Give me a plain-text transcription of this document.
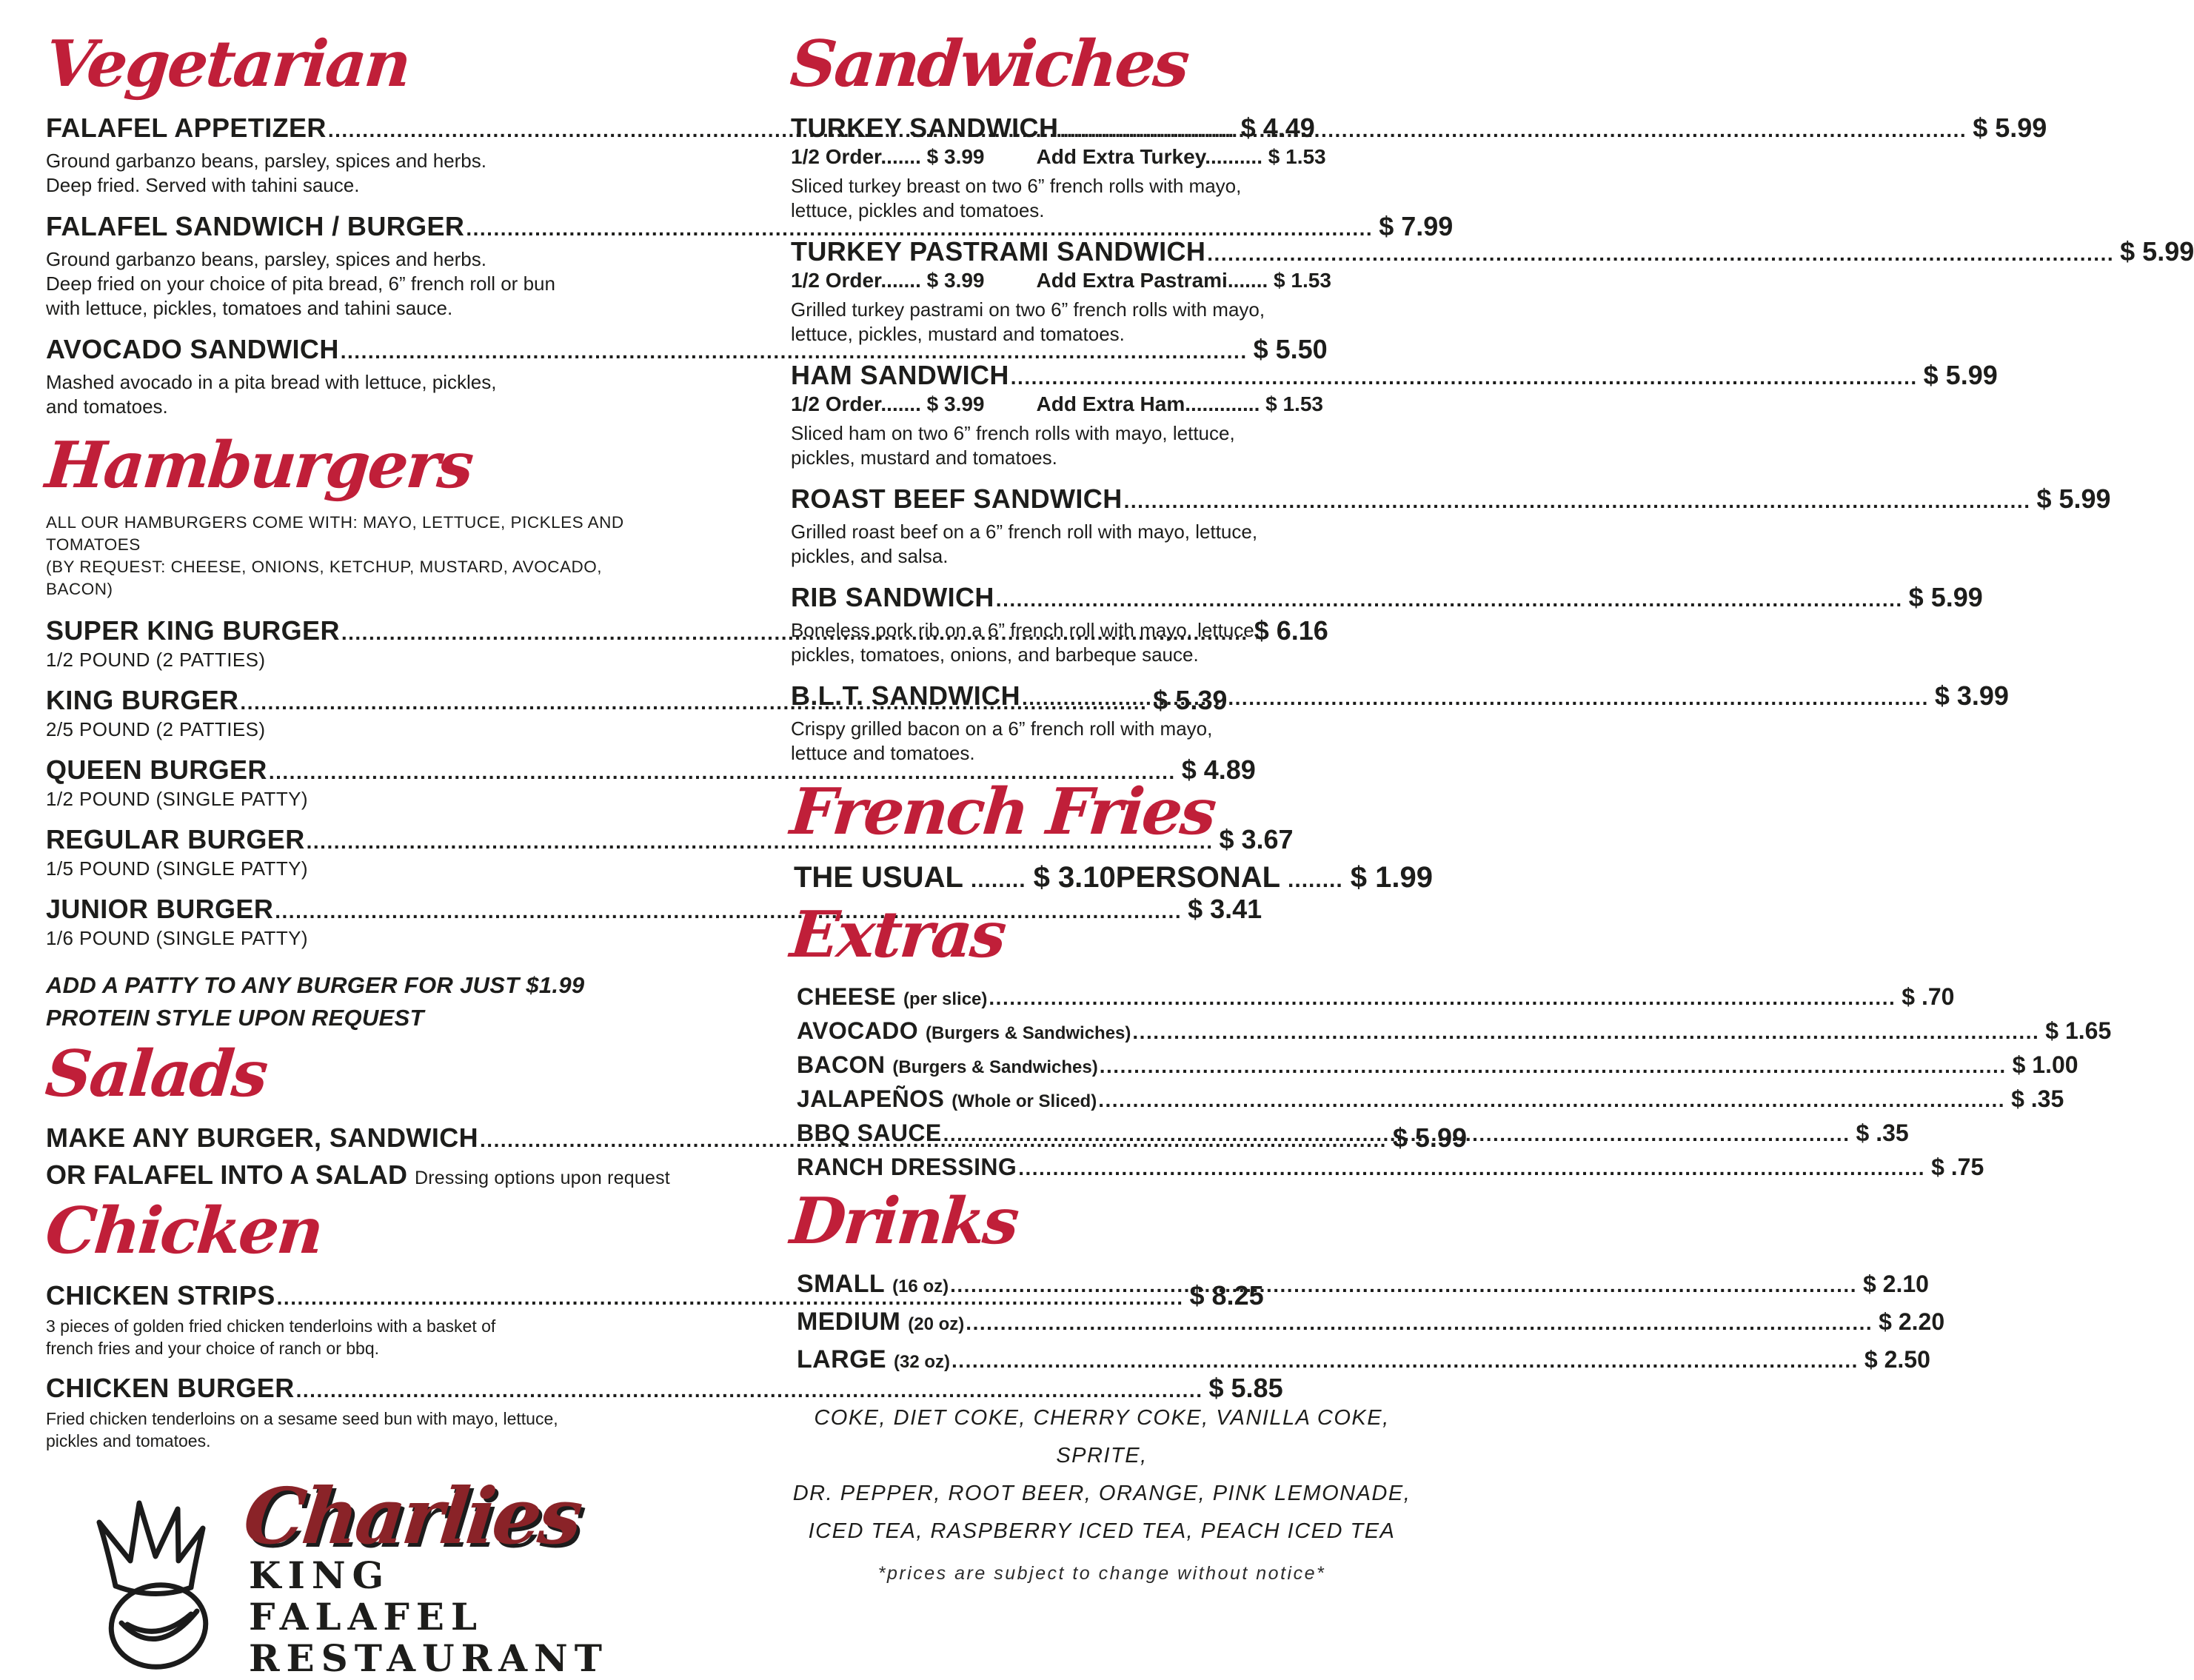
Vegetarian
FALAFEL APPETIZER .....	$ 4.49
Ground garbanzo beans, parsley, spices and herbs.
Deep fried. Served with tahini sauce.
FALAFEL SANDWICH / BURGER .....	$ 7.99
Ground garbanzo beans, parsley, spices and herbs.
Deep fried on your choice of pita bread, 6” french roll or bun
with lettuce, pickles, tomatoes and tahini sauce.
AVOCADO SANDWICH .....	$ 5.50
Mashed avocado in a pita bread with lettuce, pickles,
and tomatoes.
Hamburgers
ALL OUR HAMBURGERS COME WITH: MAYO, LETTUCE, PICKLES AND TOMATOES
(BY REQUEST: CHEESE, ONIONS, KETCHUP, MUSTARD, AVOCADO, BACON)
SUPER KING BURGER .....	$ 6.16
1/2 POUND (2 PATTIES)
KING BURGER .....	$ 5.39
2/5 POUND (2 PATTIES)
QUEEN BURGER .....	$ 4.89
1/2 POUND (SINGLE PATTY)
REGULAR BURGER .....	$ 3.67
1/5 POUND (SINGLE PATTY)
JUNIOR BURGER .....	$ 3.41
1/6 POUND (SINGLE PATTY)
ADD A PATTY TO ANY BURGER FOR JUST $1.99
PROTEIN STYLE UPON REQUEST
Salads
MAKE ANY BURGER, SANDWICH .....	$ 5.99
OR FALAFEL INTO A SALAD Dressing options upon request
Chicken
CHICKEN STRIPS .....	$ 8.25
3 pieces of golden fried chicken tenderloins with a basket of
french fries and your choice of ranch or bbq.
CHICKEN BURGER .....	$ 5.85
Fried chicken tenderloins on a sesame seed bun with mayo, lettuce,
pickles and tomatoes.
Charlies
KING FALAFEL
RESTAURANT
Sandwiches
TURKEY SANDWICH .....	$ 5.99
1/2 Order....... $ 3.99	Add Extra Turkey.......... $ 1.53
Sliced turkey breast on two 6” french rolls with mayo,
lettuce, pickles and tomatoes.
TURKEY PASTRAMI SANDWICH .....	$ 5.99
1/2 Order....... $ 3.99	Add Extra Pastrami....... $ 1.53
Grilled turkey pastrami on two 6” french rolls with mayo,
lettuce, pickles, mustard and tomatoes.
HAM SANDWICH .....	$ 5.99
1/2 Order....... $ 3.99	Add Extra Ham............. $ 1.53
Sliced ham on two 6” french rolls with mayo, lettuce,
pickles, mustard and tomatoes.
ROAST BEEF SANDWICH .....	$ 5.99
Grilled roast beef on a 6” french roll with mayo, lettuce,
pickles, and salsa.
RIB SANDWICH .....	$ 5.99
Boneless pork rib on a 6” french roll with mayo, lettuce,
pickles, tomatoes, onions, and barbeque sauce.
B.L.T. SANDWICH .....	$ 3.99
Crispy grilled bacon on a 6” french roll with mayo,
lettuce and tomatoes.
French Fries
THE USUAL ........ $ 3.10 PERSONAL ........ $ 1.99
Extras
CHEESE (per slice) .....	$ .70
AVOCADO (Burgers & Sandwiches) .....	$ 1.65
BACON (Burgers & Sandwiches) .....	$ 1.00
JALAPEÑOS (Whole or Sliced) .....	$ .35
BBQ SAUCE .....	$ .35
RANCH DRESSING .....	$ .75
Drinks
SMALL (16 oz) .....	$ 2.10
MEDIUM (20 oz) .....	$ 2.20
LARGE (32 oz) .....	$ 2.50
COKE, DIET COKE, CHERRY COKE, VANILLA COKE, SPRITE,
DR. PEPPER, ROOT BEER, ORANGE, PINK LEMONADE,
ICED TEA, RASPBERRY ICED TEA, PEACH ICED TEA
*prices are subject to change without notice*
